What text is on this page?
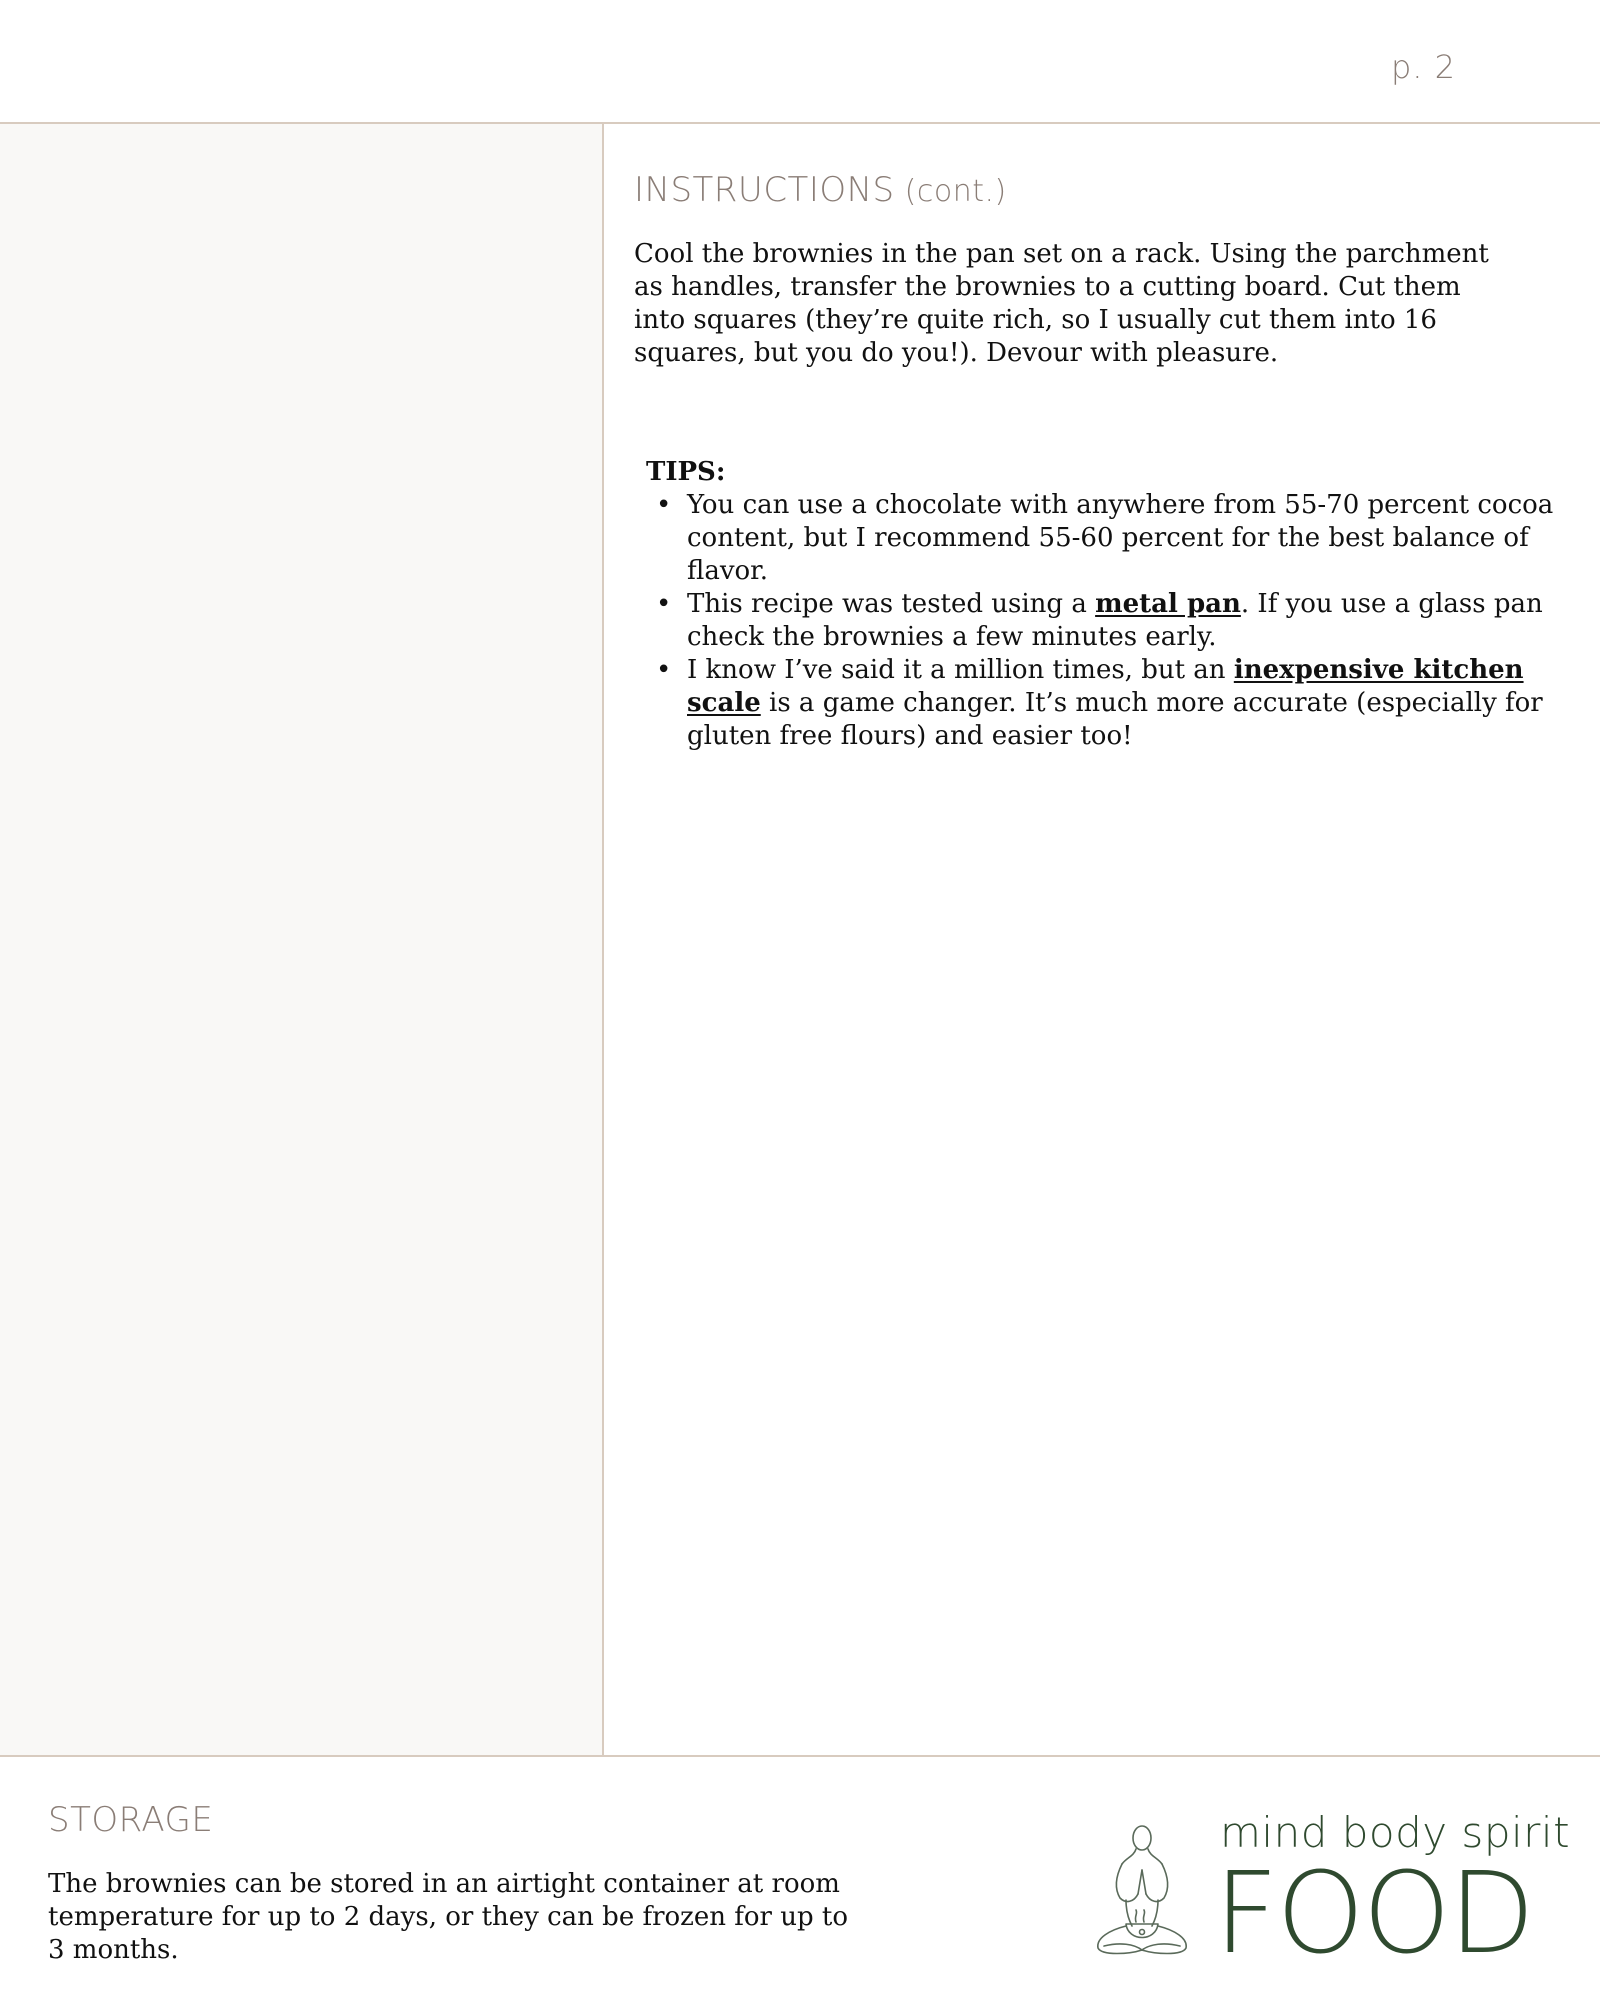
p. 2
INSTRUCTIONS (cont.)

Cool the brownies in the pan set on a rack. Using the parchment as handles, transfer the brownies to a cutting board. Cut them into squares (they’re quite rich, so I usually cut them into 16 squares, but you do you!). Devour with pleasure.

TIPS:
• You can use a chocolate with anywhere from 55-70 percent cocoa content, but I recommend 55-60 percent for the best balance of flavor.
• This recipe was tested using a metal pan. If you use a glass pan check the brownies a few minutes early.
• I know I’ve said it a million times, but an inexpensive kitchen scale is a game changer. It’s much more accurate (especially for gluten free flours) and easier too!
STORAGE

The brownies can be stored in an airtight container at room temperature for up to 2 days, or they can be frozen for up to 3 months.

mind body spirit
FOOD
